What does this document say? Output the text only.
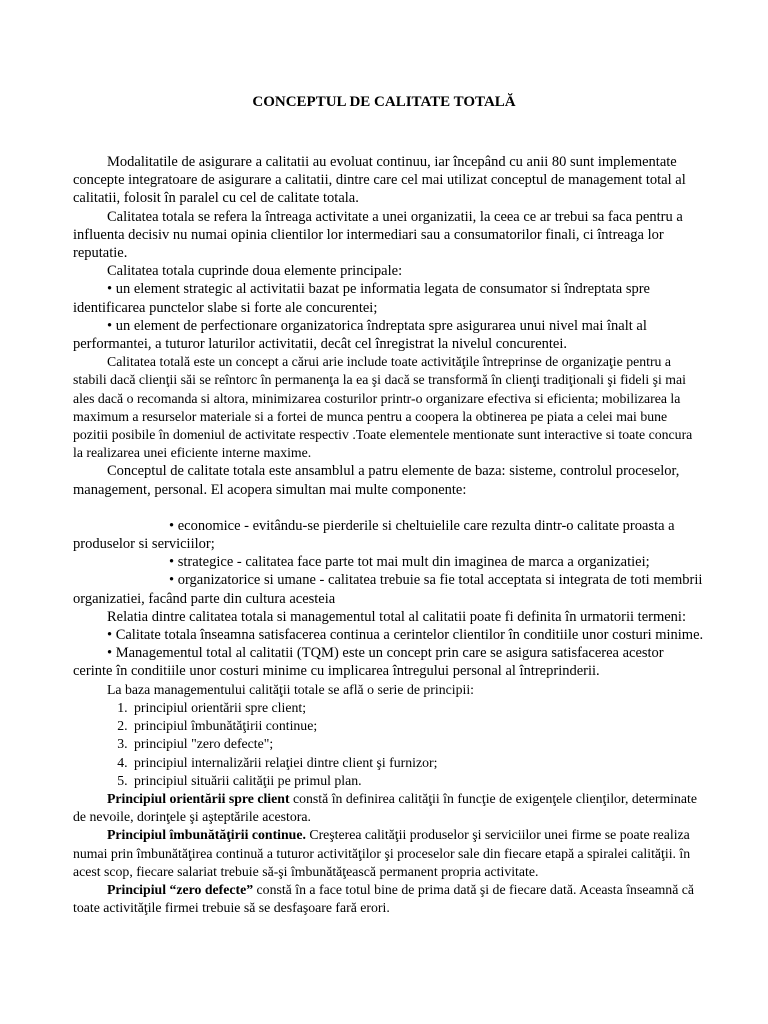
CONCEPTUL DE CALITATE TOTALĂ

Modalitatile de asigurare a calitatii au evoluat continuu, iar începând cu anii 80 sunt implementate concepte integratoare de asigurare a calitatii, dintre care cel mai utilizat conceptul de management total al calitatii, folosit în paralel cu cel de calitate totala.

Calitatea totala se refera la întreaga activitate a unei organizatii, la ceea ce ar trebui sa faca pentru a influenta decisiv nu numai opinia clientilor lor intermediari sau a consumatorilor finali, ci întreaga lor reputatie.

Calitatea totala cuprinde doua elemente principale:

• un element strategic al activitatii bazat pe informatia legata de consumator si îndreptata spre identificarea punctelor slabe si forte ale concurentei;

• un element de perfectionare organizatorica îndreptata spre asigurarea unui nivel mai înalt al performantei, a tuturor laturilor activitatii, decât cel înregistrat la nivelul concurentei.

Calitatea totală este un concept a cărui arie include toate activităţile întreprinse de organizaţie pentru a stabili dacă clienţii săi se reîntorc în permanenţa la ea şi dacă se transformă în clienţi tradiţionali şi fideli şi mai ales dacă o recomanda si altora, minimizarea costurilor printr-o organizare efectiva si eficienta; mobilizarea la maximum a resurselor materiale si a fortei de munca pentru a coopera la obtinerea pe piata a celei mai bune pozitii posibile în domeniul de activitate respectiv .Toate elementele mentionate sunt interactive si toate concura la realizarea unei eficiente interne maxime.

Conceptul de calitate totala este ansamblul a patru elemente de baza: sisteme, controlul proceselor, management, personal. El acopera simultan mai multe componente:

• economice - evitându-se pierderile si cheltuielile care rezulta dintr-o calitate proasta a produselor si serviciilor;

• strategice - calitatea face parte tot mai mult din imaginea de marca a organizatiei;

• organizatorice si umane - calitatea trebuie sa fie total acceptata si integrata de toti membrii organizatiei, facând parte din cultura acesteia

Relatia dintre calitatea totala si managementul total al calitatii poate fi definita în urmatorii termeni:

• Calitate totala înseamna satisfacerea continua a cerintelor clientilor în conditiile unor costuri minime.

• Managementul total al calitatii (TQM) este un concept prin care se asigura satisfacerea acestor cerinte în conditiile unor costuri minime cu implicarea întregului personal al întreprinderii.

La baza managementului calităţii totale se află o serie de principii:

1. principiul orientării spre client;
2. principiul îmbunătăţirii continue;
3. principiul "zero defecte";
4. principiul internalizării relaţiei dintre client şi furnizor;
5. principiul situării calităţii pe primul plan.

Principiul orientării spre client constă în definirea calităţii în funcţie de exigenţele clienţilor, determinate de nevoile, dorinţele şi aşteptările acestora.

Principiul îmbunătăţirii continue. Creşterea calităţii produselor şi serviciilor unei firme se poate realiza numai prin îmbunătăţirea continuă a tuturor activităţilor şi proceselor sale din fiecare etapă a spiralei calităţii. în acest scop, fiecare salariat trebuie să-şi îmbunătăţească permanent propria activitate.

Principiul “zero defecte” constă în a face totul bine de prima dată şi de fiecare dată. Aceasta înseamnă că toate activităţile firmei trebuie să se desfaşoare fară erori.
